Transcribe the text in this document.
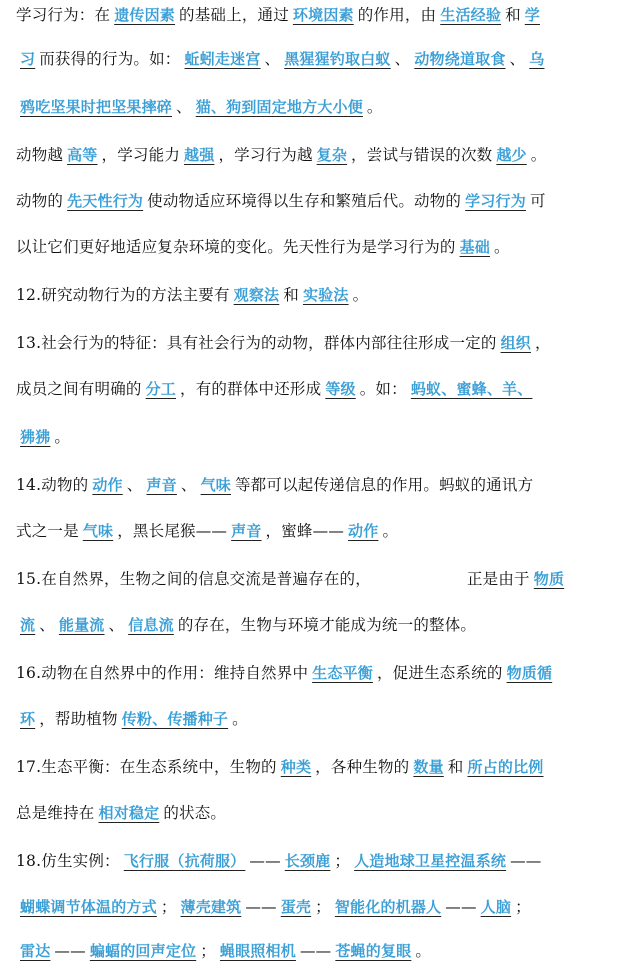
学习行为：在 遗传因素 的基础上，通过 环境因素 的作用，由 生活经验 和 学
习 而获得的行为。如： 蚯蚓走迷宫 、 黑猩猩钓取白蚁 、 动物绕道取食 、 乌
鸦吃坚果时把坚果摔碎 、 猫、狗到固定地方大小便 。
动物越 高等 ，学习能力 越强 ，学习行为越 复杂 ，尝试与错误的次数 越少 。
动物的 先天性行为 使动物适应环境得以生存和繁殖后代。动物的 学习行为 可
以让它们更好地适应复杂环境的变化。先天性行为是学习行为的 基础 。
12.研究动物行为的方法主要有 观察法 和 实验法 。
13.社会行为的特征：具有社会行为的动物，群体内部往往形成一定的 组织 ，
成员之间有明确的 分工 ，有的群体中还形成 等级 。如： 蚂蚁、蜜蜂、羊、
狒狒 。
14.动物的 动作 、 声音 、 气味 等都可以起传递信息的作用。蚂蚁的通讯方
式之一是 气味 ，黑长尾猴—— 声音 ，蜜蜂—— 动作 。
15.在自然界，生物之间的信息交流是普遍存在的，	正是由于 物质
流 、 能量流 、 信息流 的存在，生物与环境才能成为统一的整体。
16.动物在自然界中的作用：维持自然界中 生态平衡 ，促进生态系统的 物质循
环 ，帮助植物 传粉、传播种子 。
17.生态平衡：在生态系统中，生物的 种类 ，各种生物的 数量 和 所占的比例
总是维持在 相对稳定 的状态。
18.仿生实例： 飞行服（抗荷服） —— 长颈鹿 ； 人造地球卫星控温系统 ——
蝴蝶调节体温的方式 ； 薄壳建筑 —— 蛋壳 ； 智能化的机器人 —— 人脑 ；
雷达 —— 蝙蝠的回声定位 ； 蝇眼照相机 —— 苍蝇的复眼 。
